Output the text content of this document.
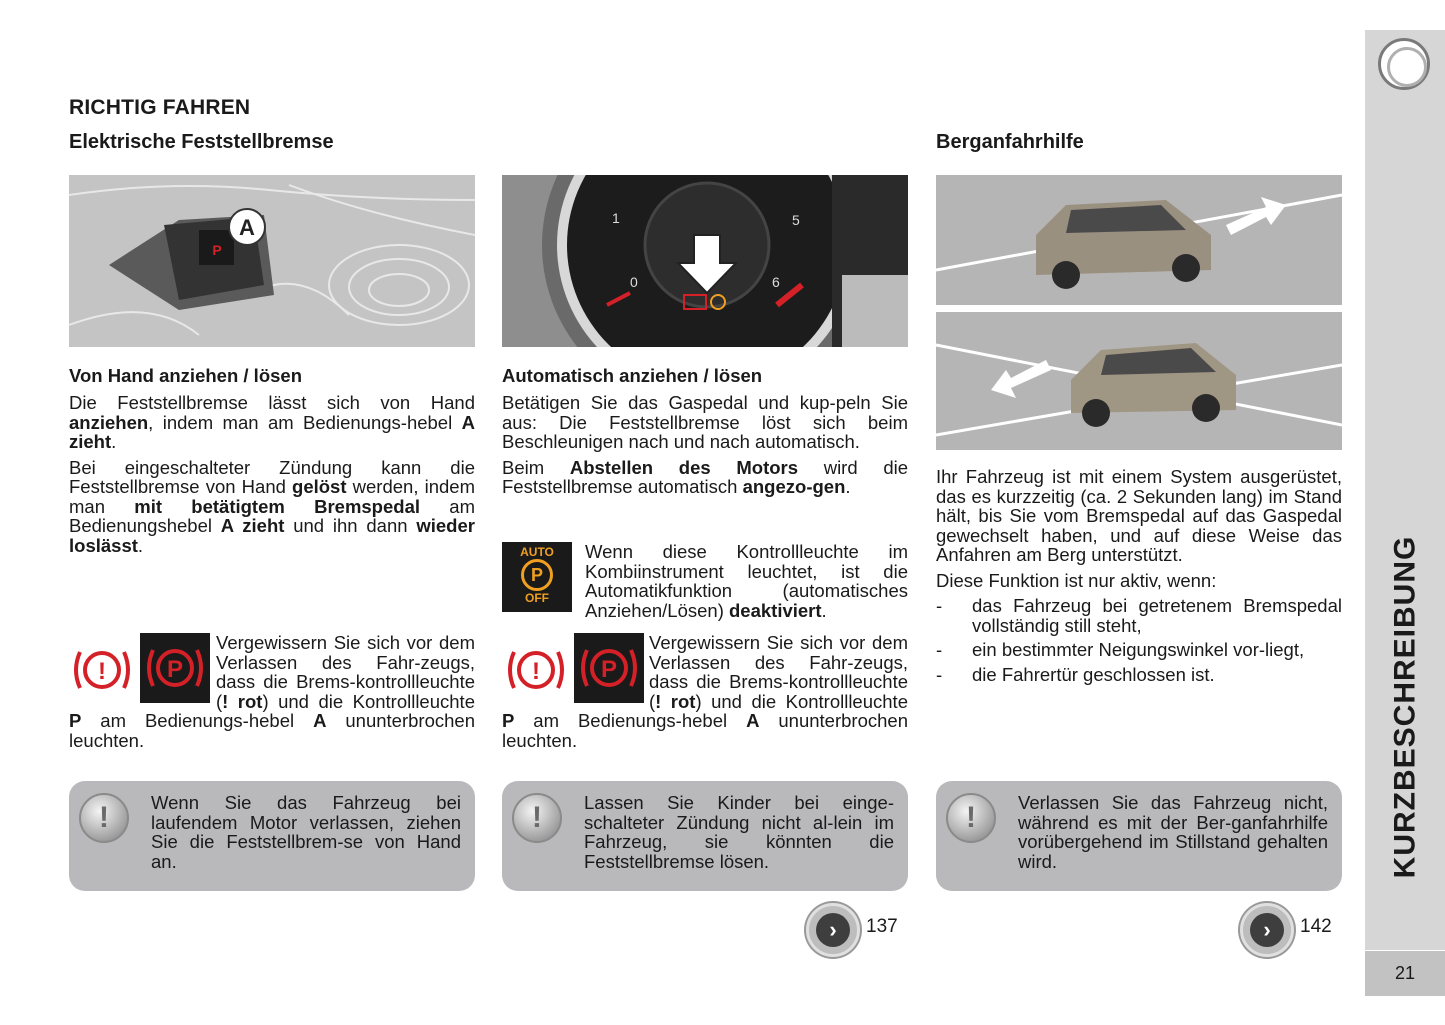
RICHTIG FAHREN
Elektrische Feststellbremse	Berganfahrhilfe
P
A
0
1	5
6
Von Hand anziehen / lösen

Die Feststellbremse lässt sich von Hand anziehen, indem man am Bedienungs-hebel A zieht.

Bei eingeschalteter Zündung kann die Feststellbremse von Hand gelöst werden, indem man mit betätigtem Bremspedal am Bedienungshebel A zieht und ihn dann wieder loslässt.

!	P
Vergewissern Sie sich vor dem Verlassen des Fahr-zeugs, dass die Brems-kontrollleuchte (! rot) und die Kontrollleuchte P am Bedienungs-hebel A ununterbrochen leuchten.
Automatisch anziehen / lösen

Betätigen Sie das Gaspedal und kup-peln Sie aus: Die Feststellbremse löst sich beim Beschleunigen nach und nach automatisch.

Beim Abstellen des Motors wird die Feststellbremse automatisch angezo-gen.

AUTO
P
OFF
Wenn diese Kontrollleuchte im Kombiinstrument leuchtet, ist die Automatikfunktion (automatisches Anziehen/Lösen) deaktiviert.
!	P
Vergewissern Sie sich vor dem Verlassen des Fahr-zeugs, dass die Brems-kontrollleuchte (! rot) und die Kontrollleuchte P am Bedienungs-hebel A ununterbrochen leuchten.

Ihr Fahrzeug ist mit einem System ausgerüstet, das es kurzzeitig (ca. 2 Sekunden lang) im Stand hält, bis Sie vom Bremspedal auf das Gaspedal gewechselt haben, und auf diese Weise das Anfahren am Berg unterstützt.

Diese Funktion ist nur aktiv, wenn:

-	das Fahrzeug bei getretenem Bremspedal vollständig still steht,
-	ein bestimmter Neigungswinkel vor-liegt,
-	die Fahrertür geschlossen ist.
! Wenn Sie das Fahrzeug bei laufendem Motor verlassen, ziehen Sie die Feststellbrem-se von Hand an.
! Lassen Sie Kinder bei einge-schalteter Zündung nicht al-lein im Fahrzeug, sie könnten die Feststellbremse lösen.
! Verlassen Sie das Fahrzeug nicht, während es mit der Ber-ganfahrhilfe vorübergehend im Stillstand gehalten wird.
›	137	›	142
KURZBESCHREIBUNG
21
